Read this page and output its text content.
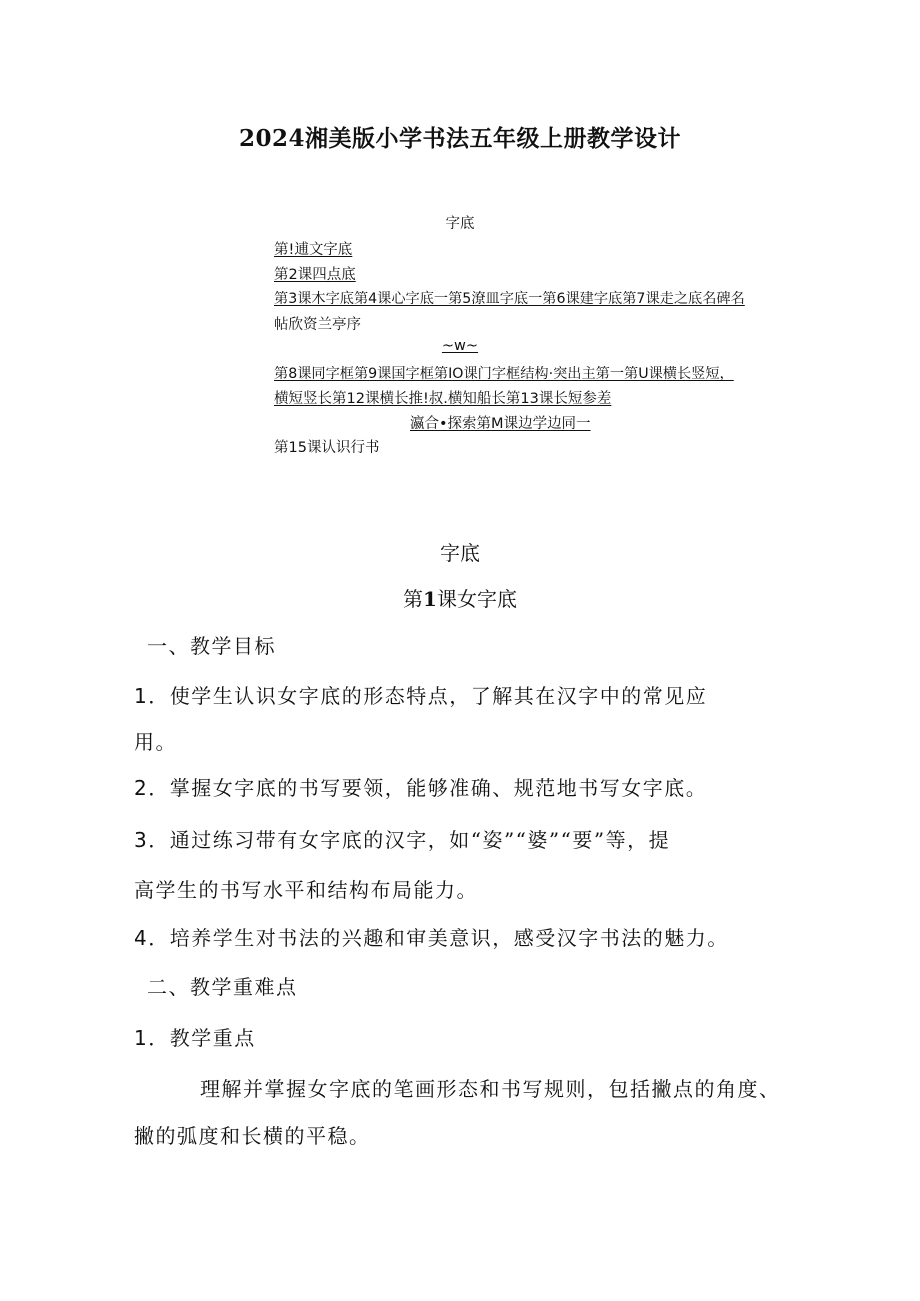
2024湘美版小学书法五年级上册教学设计
字底
第!逋文字底
第2课四点底
第3课木字底第4课心字底一第5潦皿字底一第6课建字底第7课走之底名碑名
帖欣资兰亭序
~w~
第8课同字框第9课国字框第IO课门字框结构·突出主第一第U课横长竖短，
横短竖长第12课横长推!叔.横知船长第13课长短参差
瀛合•探索第M课边学边同一
第15课认识行书
字底
第1课女字底
一、教学目标
1．使学生认识女字底的形态特点，了解其在汉字中的常见应
用。
2．掌握女字底的书写要领，能够准确、规范地书写女字底。
3．通过练习带有女字底的汉字，如“姿”“婆”“要”等，提
高学生的书写水平和结构布局能力。
4．培养学生对书法的兴趣和审美意识，感受汉字书法的魅力。
二、教学重难点
1．教学重点
理解并掌握女字底的笔画形态和书写规则，包括撇点的角度、
撇的弧度和长横的平稳。
